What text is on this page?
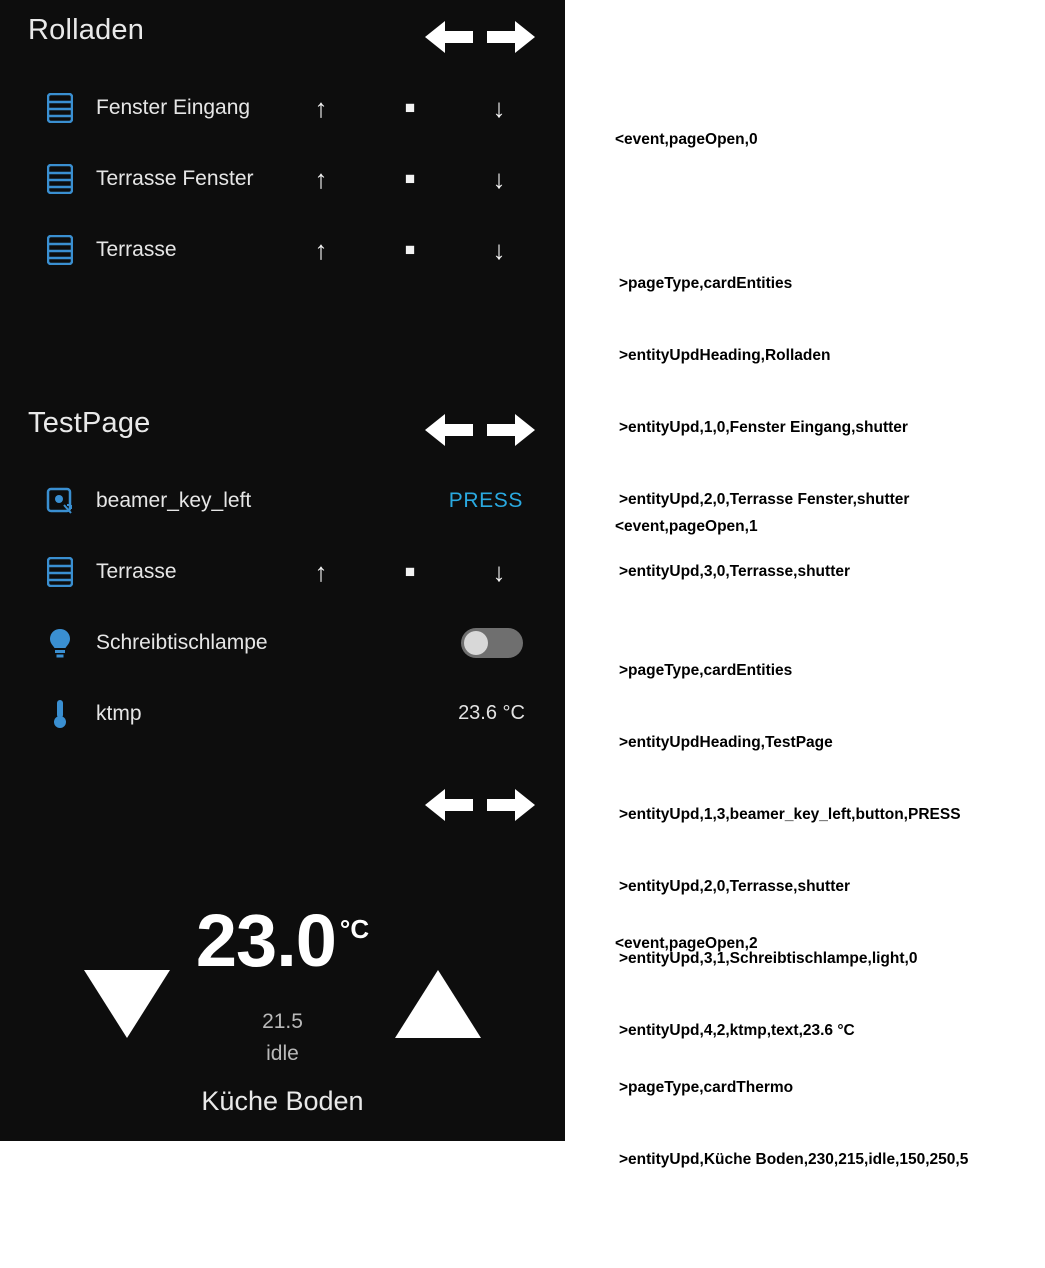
Rolladen
Fenster Eingang	↑	■	↓
Terrasse Fenster	↑	■	↓
Terrasse	↑	■	↓
TestPage
beamer_key_left	PRESS
Terrasse	↑	■	↓
Schreibtischlampe
ktmp	23.6 °C
23.0 °C
21.5
idle
Küche Boden

<event,pageOpen,0

>pageType,cardEntities

>entityUpdHeading,Rolladen

>entityUpd,1,0,Fenster Eingang,shutter

>entityUpd,2,0,Terrasse Fenster,shutter

>entityUpd,3,0,Terrasse,shutter

<event,pageOpen,1

>pageType,cardEntities

>entityUpdHeading,TestPage

>entityUpd,1,3,beamer_key_left,button,PRESS

>entityUpd,2,0,Terrasse,shutter

>entityUpd,3,1,Schreibtischlampe,light,0

>entityUpd,4,2,ktmp,text,23.6 °C

<event,pageOpen,2

>pageType,cardThermo

>entityUpd,Küche Boden,230,215,idle,150,250,5
